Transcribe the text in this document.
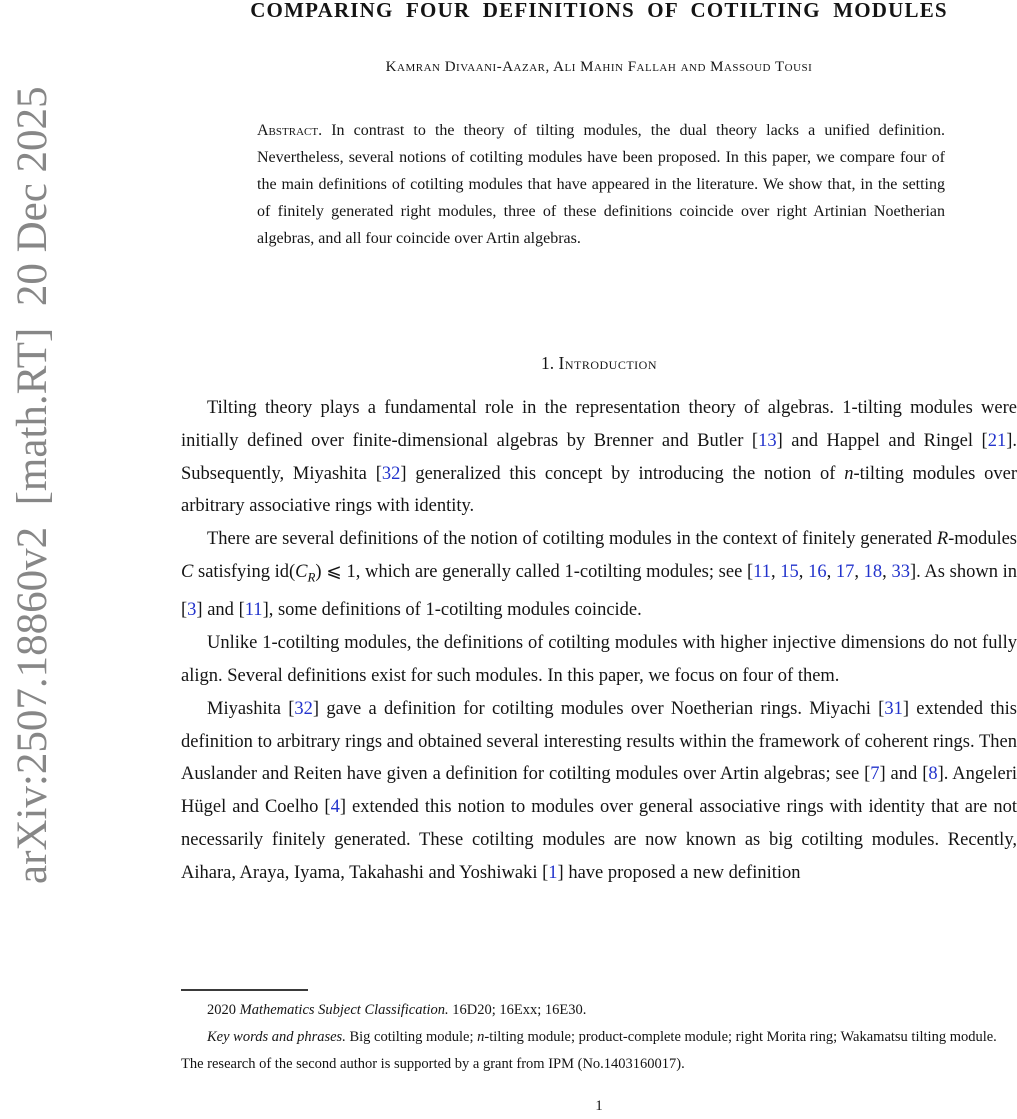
arXiv:2507.18860v2  [math.RT]  20 Dec 2025
COMPARING FOUR DEFINITIONS OF COTILTING MODULES
Kamran Divaani-Aazar, Ali Mahin Fallah and Massoud Tousi
Abstract. In contrast to the theory of tilting modules, the dual theory lacks a unified definition. Nevertheless, several notions of cotilting modules have been proposed. In this paper, we compare four of the main definitions of cotilting modules that have appeared in the literature. We show that, in the setting of finitely generated right modules, three of these definitions coincide over right Artinian Noetherian algebras, and all four coincide over Artin algebras.
1. Introduction

Tilting theory plays a fundamental role in the representation theory of algebras. 1-tilting modules were initially defined over finite-dimensional algebras by Brenner and Butler [13] and Happel and Ringel [21]. Subsequently, Miyashita [32] generalized this concept by introducing the notion of n-tilting modules over arbitrary associative rings with identity.

There are several definitions of the notion of cotilting modules in the context of finitely generated R-modules C satisfying $id(C_R)$ ⩽ 1, which are generally called 1-cotilting modules; see [11, 15, 16, 17, 18, 33]. As shown in [3] and [11], some definitions of 1-cotilting modules coincide.

Unlike 1-cotilting modules, the definitions of cotilting modules with higher injective dimensions do not fully align. Several definitions exist for such modules. In this paper, we focus on four of them.

Miyashita [32] gave a definition for cotilting modules over Noetherian rings. Miyachi [31] extended this definition to arbitrary rings and obtained several interesting results within the framework of coherent rings. Then Auslander and Reiten have given a definition for cotilting modules over Artin algebras; see [7] and [8]. Angeleri Hügel and Coelho [4] extended this notion to modules over general associative rings with identity that are not necessarily finitely generated. These cotilting modules are now known as big cotilting modules. Recently, Aihara, Araya, Iyama, Takahashi and Yoshiwaki [1] have proposed a new definition

2020 Mathematics Subject Classification. 16D20; 16Exx; 16E30.

Key words and phrases. Big cotilting module; n-tilting module; product-complete module; right Morita ring; Wakamatsu tilting module.

The research of the second author is supported by a grant from IPM (No.1403160017).

1
